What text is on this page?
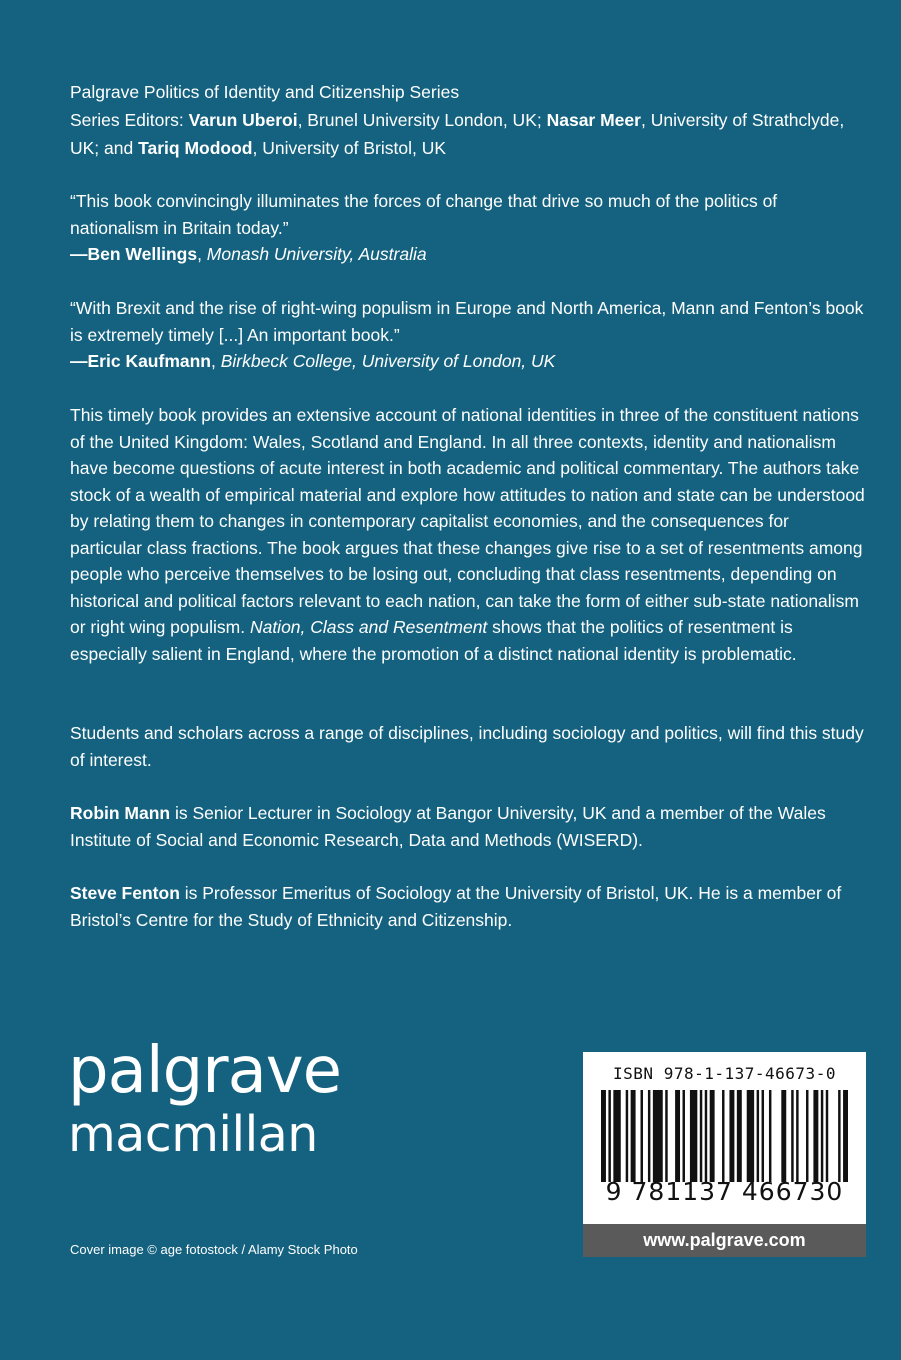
Palgrave Politics of Identity and Citizenship Series

Series Editors: Varun Uberoi, Brunel University London, UK; Nasar Meer, University of Strathclyde, UK; and Tariq Modood, University of Bristol, UK

“This book convincingly illuminates the forces of change that drive so much of the politics of nationalism in Britain today.”

—Ben Wellings, Monash University, Australia

“With Brexit and the rise of right-wing populism in Europe and North America, Mann and Fenton’s book is extremely timely [...] An important book.”

—Eric Kaufmann, Birkbeck College, University of London, UK

This timely book provides an extensive account of national identities in three of the constituent nations of the United Kingdom: Wales, Scotland and England. In all three contexts, identity and nationalism have become questions of acute interest in both academic and political commentary. The authors take stock of a wealth of empirical material and explore how attitudes to nation and state can be understood by relating them to changes in contemporary capitalist economies, and the consequences for particular class fractions. The book argues that these changes give rise to a set of resentments among people who perceive themselves to be losing out, concluding that class resentments, depending on historical and political factors relevant to each nation, can take the form of either sub-state nationalism or right wing populism. Nation, Class and Resentment shows that the politics of resentment is especially salient in England, where the promotion of a distinct national identity is problematic.

Students and scholars across a range of disciplines, including sociology and politics, will find this study of interest.

Robin Mann is Senior Lecturer in Sociology at Bangor University, UK and a member of the Wales Institute of Social and Economic Research, Data and Methods (WISERD).

Steve Fenton is Professor Emeritus of Sociology at the University of Bristol, UK. He is a member of Bristol’s Centre for the Study of Ethnicity and Citizenship.

palgrave
macmillan
Cover image © age fotostock / Alamy Stock Photo
ISBN 978-1-137-46673-0
9 781137 466730
www.palgrave.com
